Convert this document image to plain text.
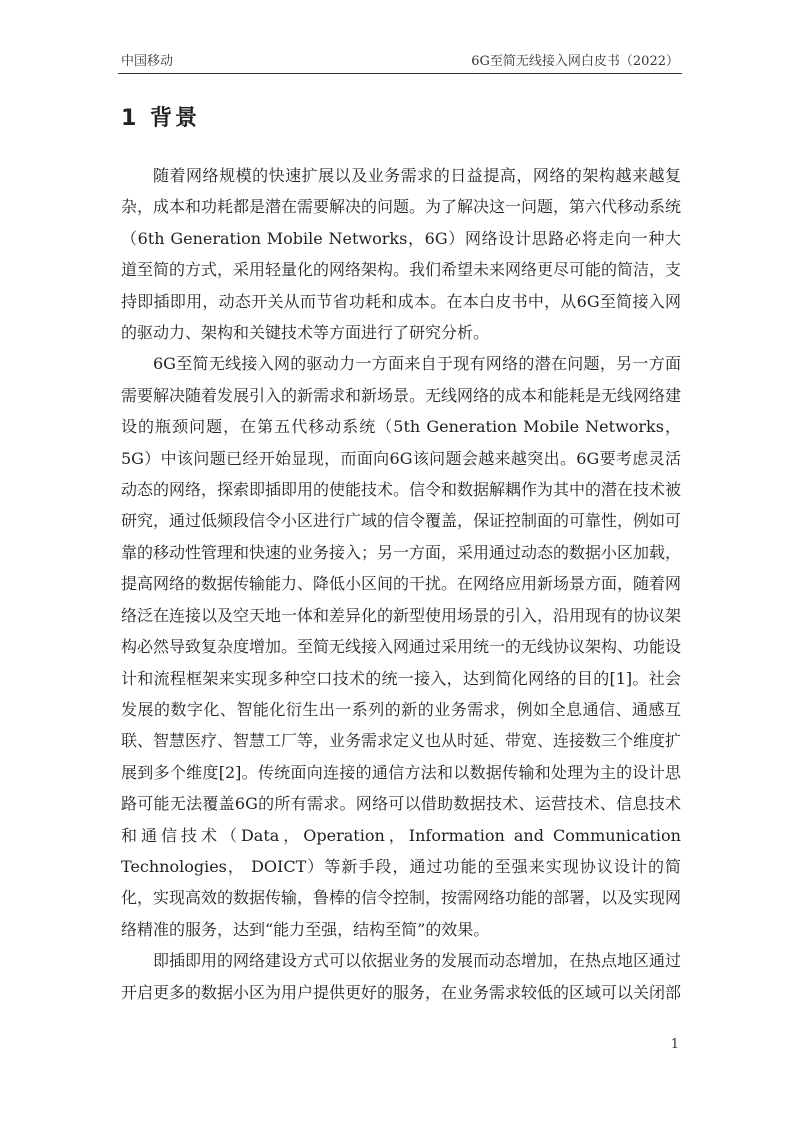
中国移动	6G至简无线接入网白皮书（2022）
1 背景

随着网络规模的快速扩展以及业务需求的日益提高，网络的架构越来越复杂，成本和功耗都是潜在需要解决的问题。为了解决这一问题，第六代移动系统（6th Generation Mobile Networks，6G）网络设计思路必将走向一种大道至简的方式，采用轻量化的网络架构。我们希望未来网络更尽可能的简洁，支持即插即用，动态开关从而节省功耗和成本。在本白皮书中，从6G至简接入网的驱动力、架构和关键技术等方面进行了研究分析。

6G至简无线接入网的驱动力一方面来自于现有网络的潜在问题，另一方面需要解决随着发展引入的新需求和新场景。无线网络的成本和能耗是无线网络建设的瓶颈问题，在第五代移动系统（5th Generation Mobile Networks，5G）中该问题已经开始显现，而面向6G该问题会越来越突出。6G要考虑灵活动态的网络，探索即插即用的使能技术。信令和数据解耦作为其中的潜在技术被研究，通过低频段信令小区进行广域的信令覆盖，保证控制面的可靠性，例如可靠的移动性管理和快速的业务接入；另一方面，采用通过动态的数据小区加载，提高网络的数据传输能力、降低小区间的干扰。在网络应用新场景方面，随着网络泛在连接以及空天地一体和差异化的新型使用场景的引入，沿用现有的协议架构必然导致复杂度增加。至简无线接入网通过采用统一的无线协议架构、功能设计和流程框架来实现多种空口技术的统一接入，达到简化网络的目的[1]。社会发展的数字化、智能化衍生出一系列的新的业务需求，例如全息通信、通感互联、智慧医疗、智慧工厂等，业务需求定义也从时延、带宽、连接数三个维度扩展到多个维度[2]。传统面向连接的通信方法和以数据传输和处理为主的设计思路可能无法覆盖6G的所有需求。网络可以借助数据技术、运营技术、信息技术和通信技术（Data，Operation，Information and Communication Technologies， DOICT）等新手段，通过功能的至强来实现协议设计的简化，实现高效的数据传输，鲁棒的信令控制，按需网络功能的部署，以及实现网络精准的服务，达到“能力至强，结构至简”的效果。

即插即用的网络建设方式可以依据业务的发展而动态增加，在热点地区通过开启更多的数据小区为用户提供更好的服务，在业务需求较低的区域可以关闭部

1
